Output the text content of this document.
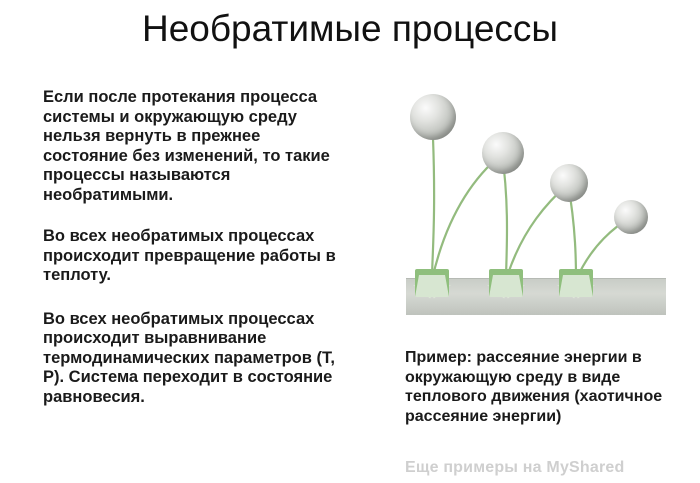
Необратимые процессы

Если после протекания процесса системы и окружающую среду нельзя вернуть в прежнее состояние без изменений, то такие процессы называются необратимыми.

Во всех необратимых процессах происходит превращение работы в теплоту.

Во всех необратимых процессах происходит выравнивание термодинамических параметров (Т, Р). Система переходит в состояние равновесия.

Пример: рассеяние энергии в окружающую среду в виде теплового движения (хаотичное рассеяние энергии)
Еще примеры на MyShared
